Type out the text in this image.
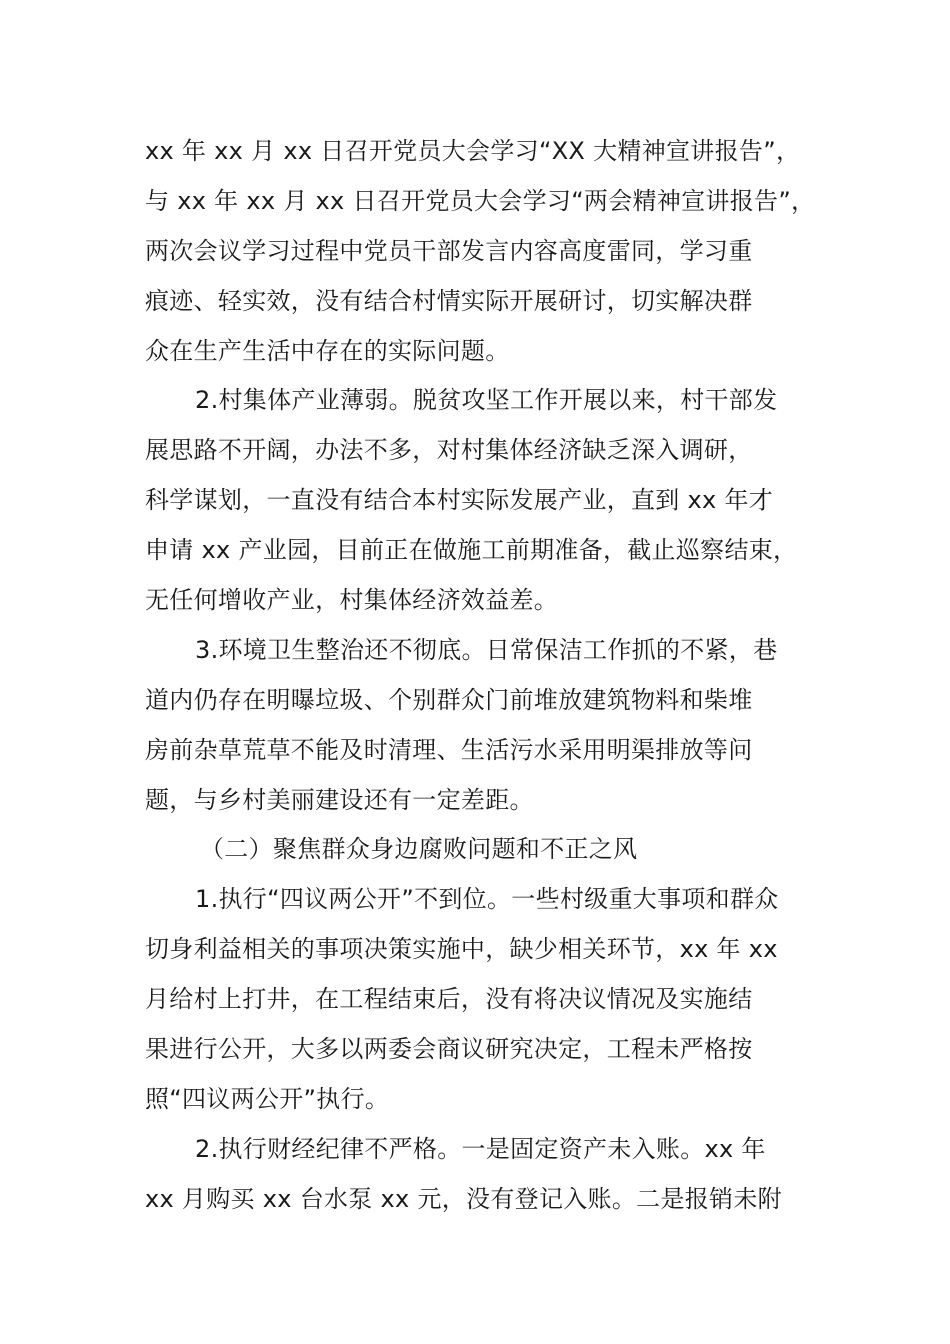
xx 年 xx 月 xx 日召开党员大会学习“XX 大精神宣讲报告”，
与 xx 年 xx 月 xx 日召开党员大会学习“两会精神宣讲报告”，
两次会议学习过程中党员干部发言内容高度雷同，学习重
痕迹、轻实效，没有结合村情实际开展研讨，切实解决群
众在生产生活中存在的实际问题。
2.村集体产业薄弱。脱贫攻坚工作开展以来，村干部发
展思路不开阔，办法不多，对村集体经济缺乏深入调研，
科学谋划，一直没有结合本村实际发展产业，直到 xx 年才
申请 xx 产业园，目前正在做施工前期准备，截止巡察结束，
无任何增收产业，村集体经济效益差。
3.环境卫生整治还不彻底。日常保洁工作抓的不紧，巷
道内仍存在明曝垃圾、个别群众门前堆放建筑物料和柴堆
房前杂草荒草不能及时清理、生活污水采用明渠排放等问
题，与乡村美丽建设还有一定差距。
（二）聚焦群众身边腐败问题和不正之风
1.执行“四议两公开”不到位。一些村级重大事项和群众
切身利益相关的事项决策实施中，缺少相关环节，xx 年 xx
月给村上打井，在工程结束后，没有将决议情况及实施结
果进行公开，大多以两委会商议研究决定，工程未严格按
照“四议两公开”执行。
2.执行财经纪律不严格。一是固定资产未入账。xx 年
xx 月购买 xx 台水泵 xx 元，没有登记入账。二是报销未附
